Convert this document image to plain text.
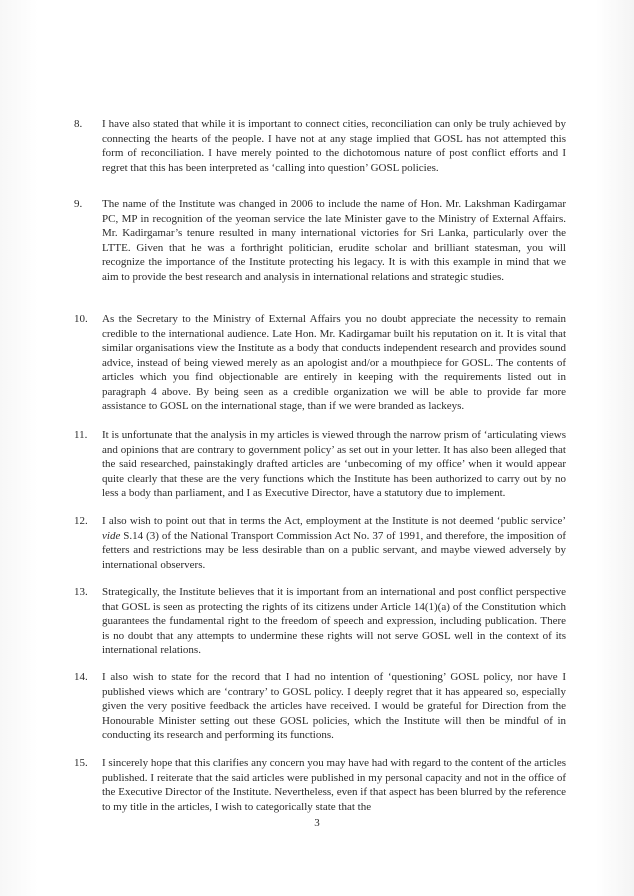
8.	I have also stated that while it is important to connect cities, reconciliation can only be truly achieved by connecting the hearts of the people. I have not at any stage implied that GOSL has not attempted this form of reconciliation. I have merely pointed to the dichotomous nature of post conflict efforts and I regret that this has been interpreted as ‘calling into question’ GOSL policies.
9.	The name of the Institute was changed in 2006 to include the name of Hon. Mr. Lakshman Kadirgamar PC, MP in recognition of the yeoman service the late Minister gave to the Ministry of External Affairs. Mr. Kadirgamar’s tenure resulted in many international victories for Sri Lanka, particularly over the LTTE. Given that he was a forthright politician, erudite scholar and brilliant statesman, you will recognize the importance of the Institute protecting his legacy. It is with this example in mind that we aim to provide the best research and analysis in international relations and strategic studies.
10.	As the Secretary to the Ministry of External Affairs you no doubt appreciate the necessity to remain credible to the international audience. Late Hon. Mr. Kadirgamar built his reputation on it. It is vital that similar organisations view the Institute as a body that conducts independent research and provides sound advice, instead of being viewed merely as an apologist and/or a mouthpiece for GOSL. The contents of articles which you find objectionable are entirely in keeping with the requirements listed out in paragraph 4 above. By being seen as a credible organization we will be able to provide far more assistance to GOSL on the international stage, than if we were branded as lackeys.
11.	It is unfortunate that the analysis in my articles is viewed through the narrow prism of ‘articulating views and opinions that are contrary to government policy’ as set out in your letter. It has also been alleged that the said researched, painstakingly drafted articles are ‘unbecoming of my office’ when it would appear quite clearly that these are the very functions which the Institute has been authorized to carry out by no less a body than parliament, and I as Executive Director, have a statutory due to implement.
12.	I also wish to point out that in terms the Act, employment at the Institute is not deemed ‘public service’ vide S.14 (3) of the National Transport Commission Act No. 37 of 1991, and therefore, the imposition of fetters and restrictions may be less desirable than on a public servant, and maybe viewed adversely by international observers.
13.	Strategically, the Institute believes that it is important from an international and post conflict perspective that GOSL is seen as protecting the rights of its citizens under Article 14(1)(a) of the Constitution which guarantees the fundamental right to the freedom of speech and expression, including publication. There is no doubt that any attempts to undermine these rights will not serve GOSL well in the context of its international relations.
14.	I also wish to state for the record that I had no intention of ‘questioning’ GOSL policy, nor have I published views which are ‘contrary’ to GOSL policy. I deeply regret that it has appeared so, especially given the very positive feedback the articles have received. I would be grateful for Direction from the Honourable Minister setting out these GOSL policies, which the Institute will then be mindful of in conducting its research and performing its functions.
15.	I sincerely hope that this clarifies any concern you may have had with regard to the content of the articles published. I reiterate that the said articles were published in my personal capacity and not in the office of the Executive Director of the Institute. Nevertheless, even if that aspect has been blurred by the reference to my title in the articles, I wish to categorically state that the
3
